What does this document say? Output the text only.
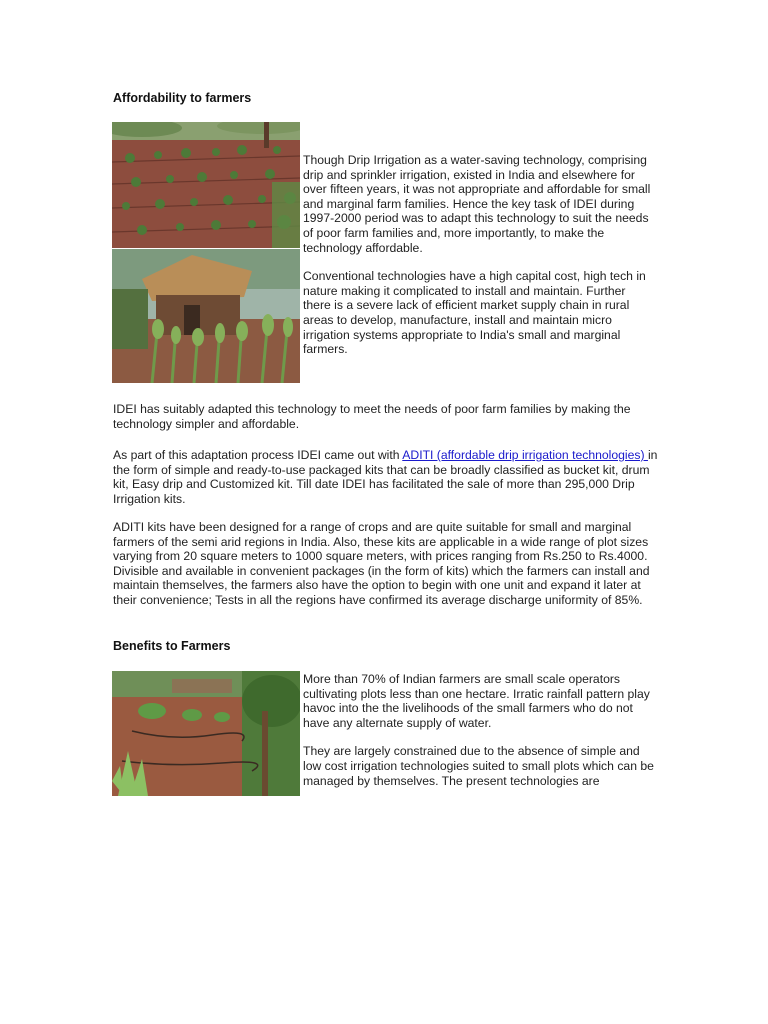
Affordability to farmers

Though Drip Irrigation as a water-saving technology, comprising drip and sprinkler irrigation, existed in India and elsewhere for over fifteen years, it was not appropriate and affordable for small and marginal farm families. Hence the key task of IDEI during 1997-2000 period was to adapt this technology to suit the needs of poor farm families and, more importantly, to make the technology affordable.

Conventional technologies have a high capital cost, high tech in nature making it complicated to install and maintain. Further there is a severe lack of efficient market supply chain in rural areas to develop, manufacture, install and maintain micro irrigation systems appropriate to India's small and marginal farmers.

IDEI has suitably adapted this technology to meet the needs of poor farm families by making the technology simpler and affordable.

As part of this adaptation process IDEI came out with ADITI (affordable drip irrigation technologies) in the form of simple and ready-to-use packaged kits that can be broadly classified as bucket kit, drum kit, Easy drip and Customized kit. Till date IDEI has facilitated the sale of more than 295,000 Drip Irrigation kits.

ADITI kits have been designed for a range of crops and are quite suitable for small and marginal farmers of the semi arid regions in India. Also, these kits are applicable in a wide range of plot sizes varying from 20 square meters to 1000 square meters, with prices ranging from Rs.250 to Rs.4000. Divisible and available in convenient packages (in the form of kits) which the farmers can install and maintain themselves, the farmers also have the option to begin with one unit and expand it later at their convenience; Tests in all the regions have confirmed its average discharge uniformity of 85%.

Benefits to Farmers

More than 70% of Indian farmers are small scale operators cultivating plots less than one hectare. Irratic rainfall pattern play havoc into the the livelihoods of the small farmers who do not have any alternate supply of water.

They are largely constrained due to the absence of simple and low cost irrigation technologies suited to small plots which can be managed by themselves. The present technologies are
